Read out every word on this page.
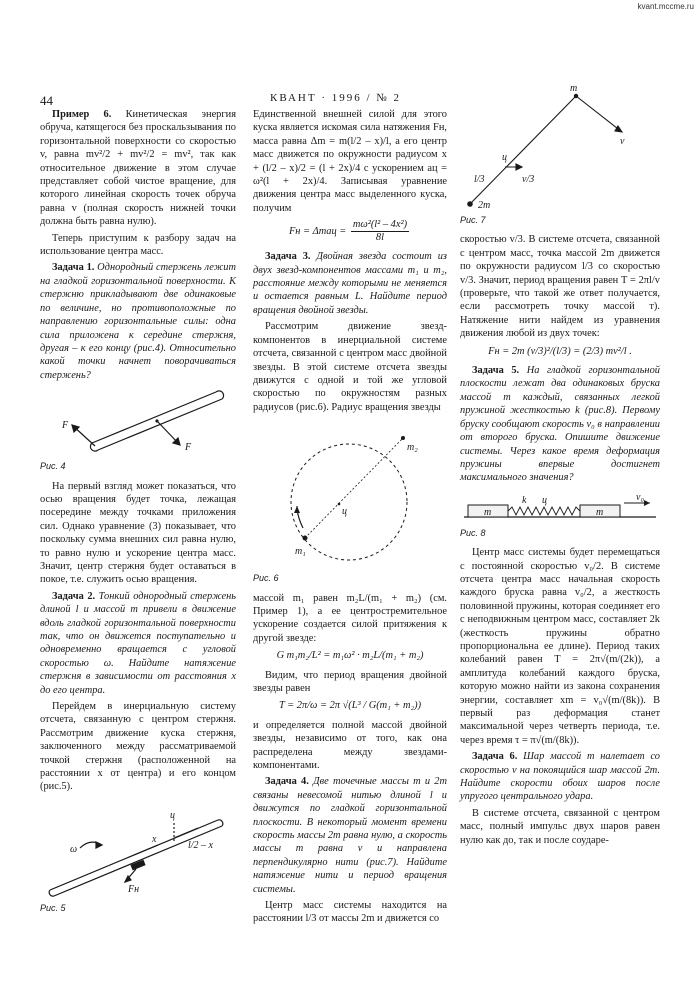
kvant.mccme.ru
44	КВАНТ · 1996 / № 2

Пример 6. Кинетическая энергия обруча, катящегося без проскальзывания по горизонтальной поверхности со скоростью v, равна mv²/2 + mv²/2 = mv², так как относительное движение в этом случае представляет собой чистое вращение, для которого линейная скорость точек обруча равна v (полная скорость нижней точки должна быть равна нулю).

Теперь приступим к разбору задач на использование центра масс.

Задача 1. Однородный стержень лежит на гладкой горизонтальной поверхности. К стержню прикладывают две одинаковые по величине, но противоположные по направлению горизонтальные силы: одна сила приложена к середине стержня, другая – к его концу (рис.4). Относительно какой точки начнет поворачиваться стержень?

F
F
Рис. 4

На первый взгляд может показаться, что осью вращения будет точка, лежащая посередине между точками приложения сил. Однако уравнение (3) показывает, что поскольку сумма внешних сил равна нулю, то равно нулю и ускорение центра масс. Значит, центр стержня будет оставаться в покое, т.е. служить осью вращения.

Задача 2. Тонкий однородный стержень длиной l и массой т привели в движение вдоль гладкой горизонтальной поверхности так, что он движется поступательно и одновременно вращается с угловой скоростью ω. Найдите натяжение стержня в зависимости от расстояния х до его центра.

Перейдем в инерциальную систему отсчета, связанную с центром стержня. Рассмотрим движение куска стержня, заключенного между рассматриваемой точкой стержня (расположенной на расстоянии х от центра) и его концом (рис.5).

ω
x
ц
l/2 – x
Fн
Рис. 5

Единственной внешней силой для этого куска является искомая сила натяжения Fн, масса равна Δm = m(l/2 – x)/l, а его центр масс движется по окружности радиусом x + (l/2 – x)/2 = (l + 2x)/4 с ускорением aц = ω²(l + 2x)/4. Записывая уравнение движения центра масс выделенного куска, получим

Fн = $\Delta maц = \frac{\text{mω²(l² – 4x²)}}{8l}$

Задача 3. Двойная звезда состоит из двух звезд-компонентов массами m₁ и m₂, расстояние между которыми не меняется и остается равным L. Найдите период вращения двойной звезды.

Рассмотрим движение звезд-компонентов в инерциальной системе отсчета, связанной с центром масс двойной звезды. В этой системе отсчета звезды движутся с одной и той же угловой скоростью по окружностям разных радиусов (рис.6). Радиус вращения звезды

m₁
m₂
ц
Рис. 6

массой m₁ равен m₂L/(m₁ + m₂) (см. Пример 1), а ее центростремительное ускорение создается силой притяжения к другой звезде:

G m₁m₂/L² = m₁ω² · m₂L/(m₁ + m₂)

Видим, что период вращения двойной звезды равен

T = 2π/ω = 2π √(L³ / G(m₁ + m₂))

и определяется полной массой двойной звезды, независимо от того, как она распределена между звездами-компонентами.

Задача 4. Две точечные массы т и 2т связаны невесомой нитью длиной l и движутся по гладкой горизонтальной плоскости. В некоторый момент времени скорость массы 2т равна нулю, а скорость массы т равна v и направлена перпендикулярно нити (рис.7). Найдите натяжение нити и период вращения системы.

Центр масс системы находится на расстоянии l/3 от массы 2m и движется со

m
v
ц
l/3	v/3
2m
Рис. 7

скоростью v/3. В системе отсчета, связанной с центром масс, точка массой 2m движется по окружности радиусом l/3 со скоростью v/3. Значит, период вращения равен T = 2πl/v (проверьте, что такой же ответ получается, если рассмотреть точку массой т). Натяжение нити найдем из уравнения движения любой из двух точек:

Fн = 2m (v/3)²/(l/3) = (2/3) mv²/l .

Задача 5. На гладкой горизонтальной плоскости лежат два одинаковых бруска массой т каждый, связанных легкой пружиной жесткостью k (рис.8). Первому бруску сообщают скорость v₀ в направлении от второго бруска. Опишите движение системы. Через какое время деформация пружины впервые достигнет максимального значения?

m
k ц
m
v₀
Рис. 8

Центр масс системы будет перемещаться с постоянной скоростью v₀/2. В системе отсчета центра масс начальная скорость каждого бруска равна v₀/2, а жесткость половинной пружины, которая соединяет его с неподвижным центром масс, составляет 2k (жесткость пружины обратно пропорциональна ее длине). Период таких колебаний равен T = 2π√(m/(2k)), а амплитуда колебаний каждого бруска, которую можно найти из закона сохранения энергии, составляет xm = v₀√(m/(8k)). В первый раз деформация станет максимальной через четверть периода, т.е. через время τ = π√(m/(8k)).

Задача 6. Шар массой т налетает со скоростью v на покоящийся шар массой 2т. Найдите скорости обоих шаров после упругого центрального удара.

В системе отсчета, связанной с центром масс, полный импульс двух шаров равен нулю как до, так и после соударе-
